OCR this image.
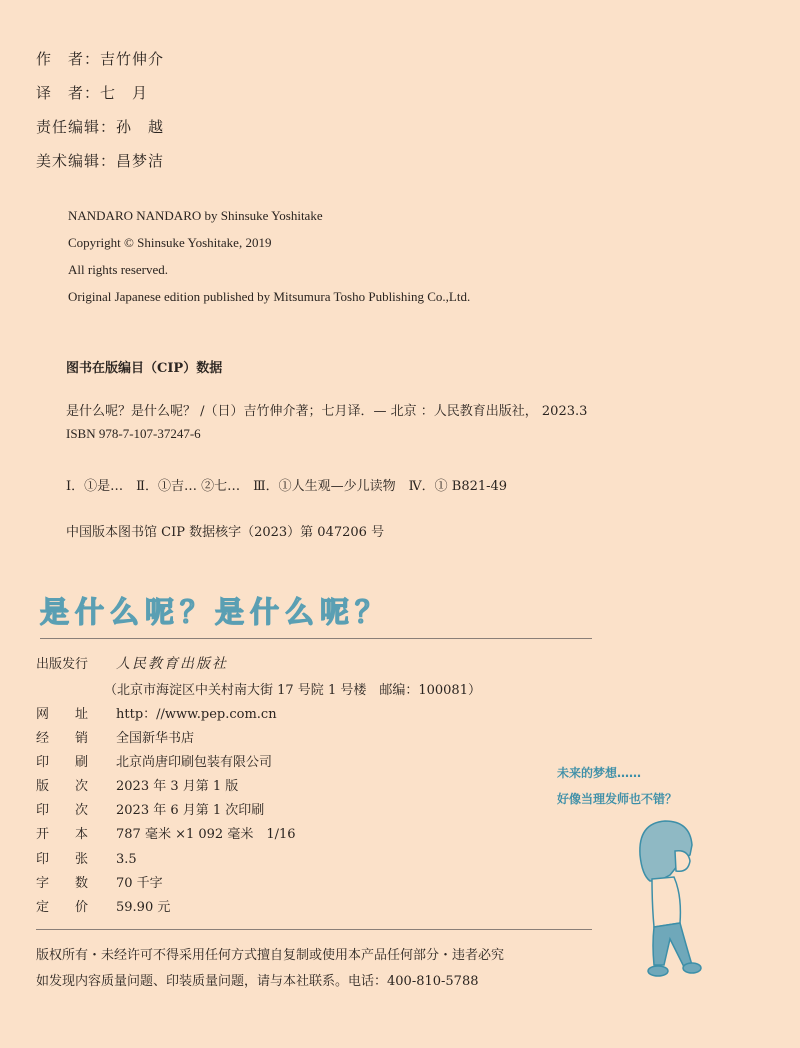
作　者：吉竹伸介
译　者：七　月
责任编辑：孙　越
美术编辑：昌梦洁
NANDARO NANDARO by Shinsuke Yoshitake
Copyright © Shinsuke Yoshitake, 2019
All rights reserved.
Original Japanese edition published by Mitsumura Tosho Publishing Co.,Ltd.
图书在版编目（CIP）数据
是什么呢？是什么呢？ /（日）吉竹伸介著；七月译．— 北京 ：人民教育出版社， 2023.3
ISBN 978-7-107-37247-6
Ⅰ．①是…　Ⅱ．①吉… ②七…　Ⅲ．①人生观—少儿读物　Ⅳ．① B821-49
中国版本图书馆 CIP 数据核字（2023）第 047206 号
是什么呢？是什么呢？
出版发行 人民教育出版社
（北京市海淀区中关村南大街 17 号院 1 号楼　邮编：100081）
网　　址 http：//www.pep.com.cn
经　　销 全国新华书店
印　　刷 北京尚唐印刷包装有限公司
版　　次 2023 年 3 月第 1 版
印　　次 2023 年 6 月第 1 次印刷
开　　本 787 毫米 ×1 092 毫米　1/16
印　　张 3.5
字　　数 70 千字
定　　价 59.90 元
版权所有・未经许可不得采用任何方式擅自复制或使用本产品任何部分・违者必究
如发现内容质量问题、印装质量问题，请与本社联系。电话：400-810-5788
未来的梦想……
好像当理发师也不错？
